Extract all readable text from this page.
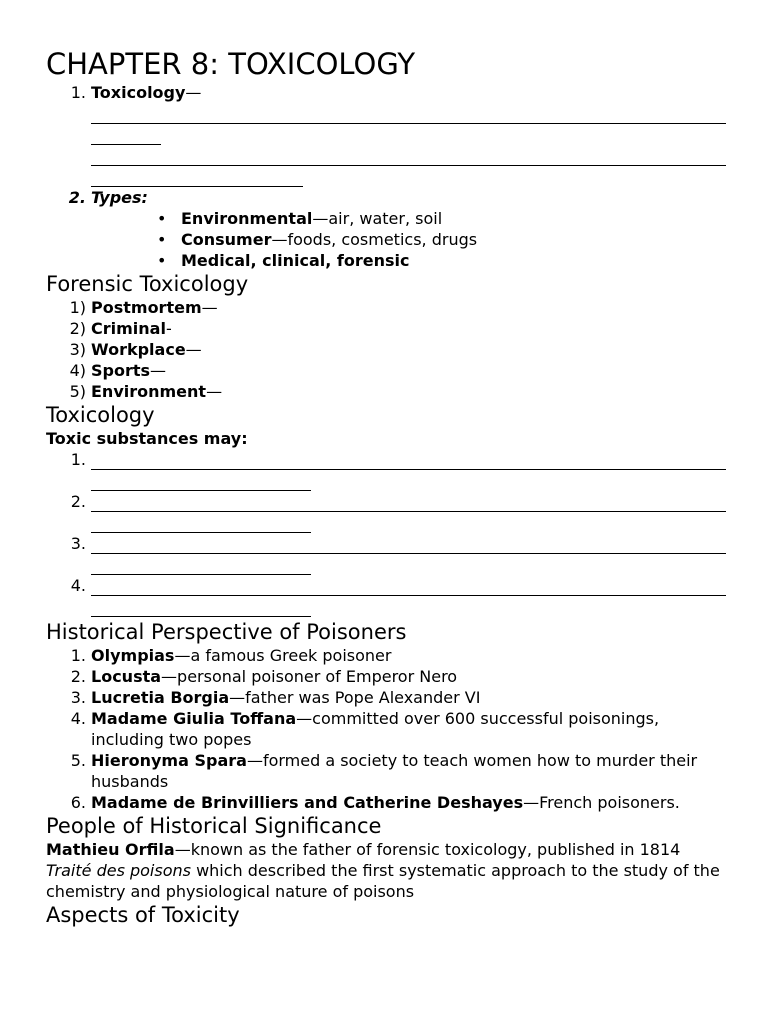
CHAPTER 8: TOXICOLOGY
1. Toxicology—
2. Types:
• Environmental—air, water, soil
• Consumer—foods, cosmetics, drugs
• Medical, clinical, forensic
Forensic Toxicology
1) Postmortem—
2) Criminal-
3) Workplace—
4) Sports—
5) Environment—
Toxicology
Toxic substances may:
1.
2.
3.
4.
Historical Perspective of Poisoners
1. Olympias—a famous Greek poisoner
2. Locusta—personal poisoner of Emperor Nero
3. Lucretia Borgia—father was Pope Alexander VI
4. Madame Giulia Toffana—committed over 600 successful poisonings, including two popes
5. Hieronyma Spara—formed a society to teach women how to murder their husbands
6. Madame de Brinvilliers and Catherine Deshayes—French poisoners.
People of Historical Significance
Mathieu Orfila—known as the father of forensic toxicology, published in 1814 Traité des poisons which described the first systematic approach to the study of the chemistry and physiological nature of poisons
Aspects of Toxicity
